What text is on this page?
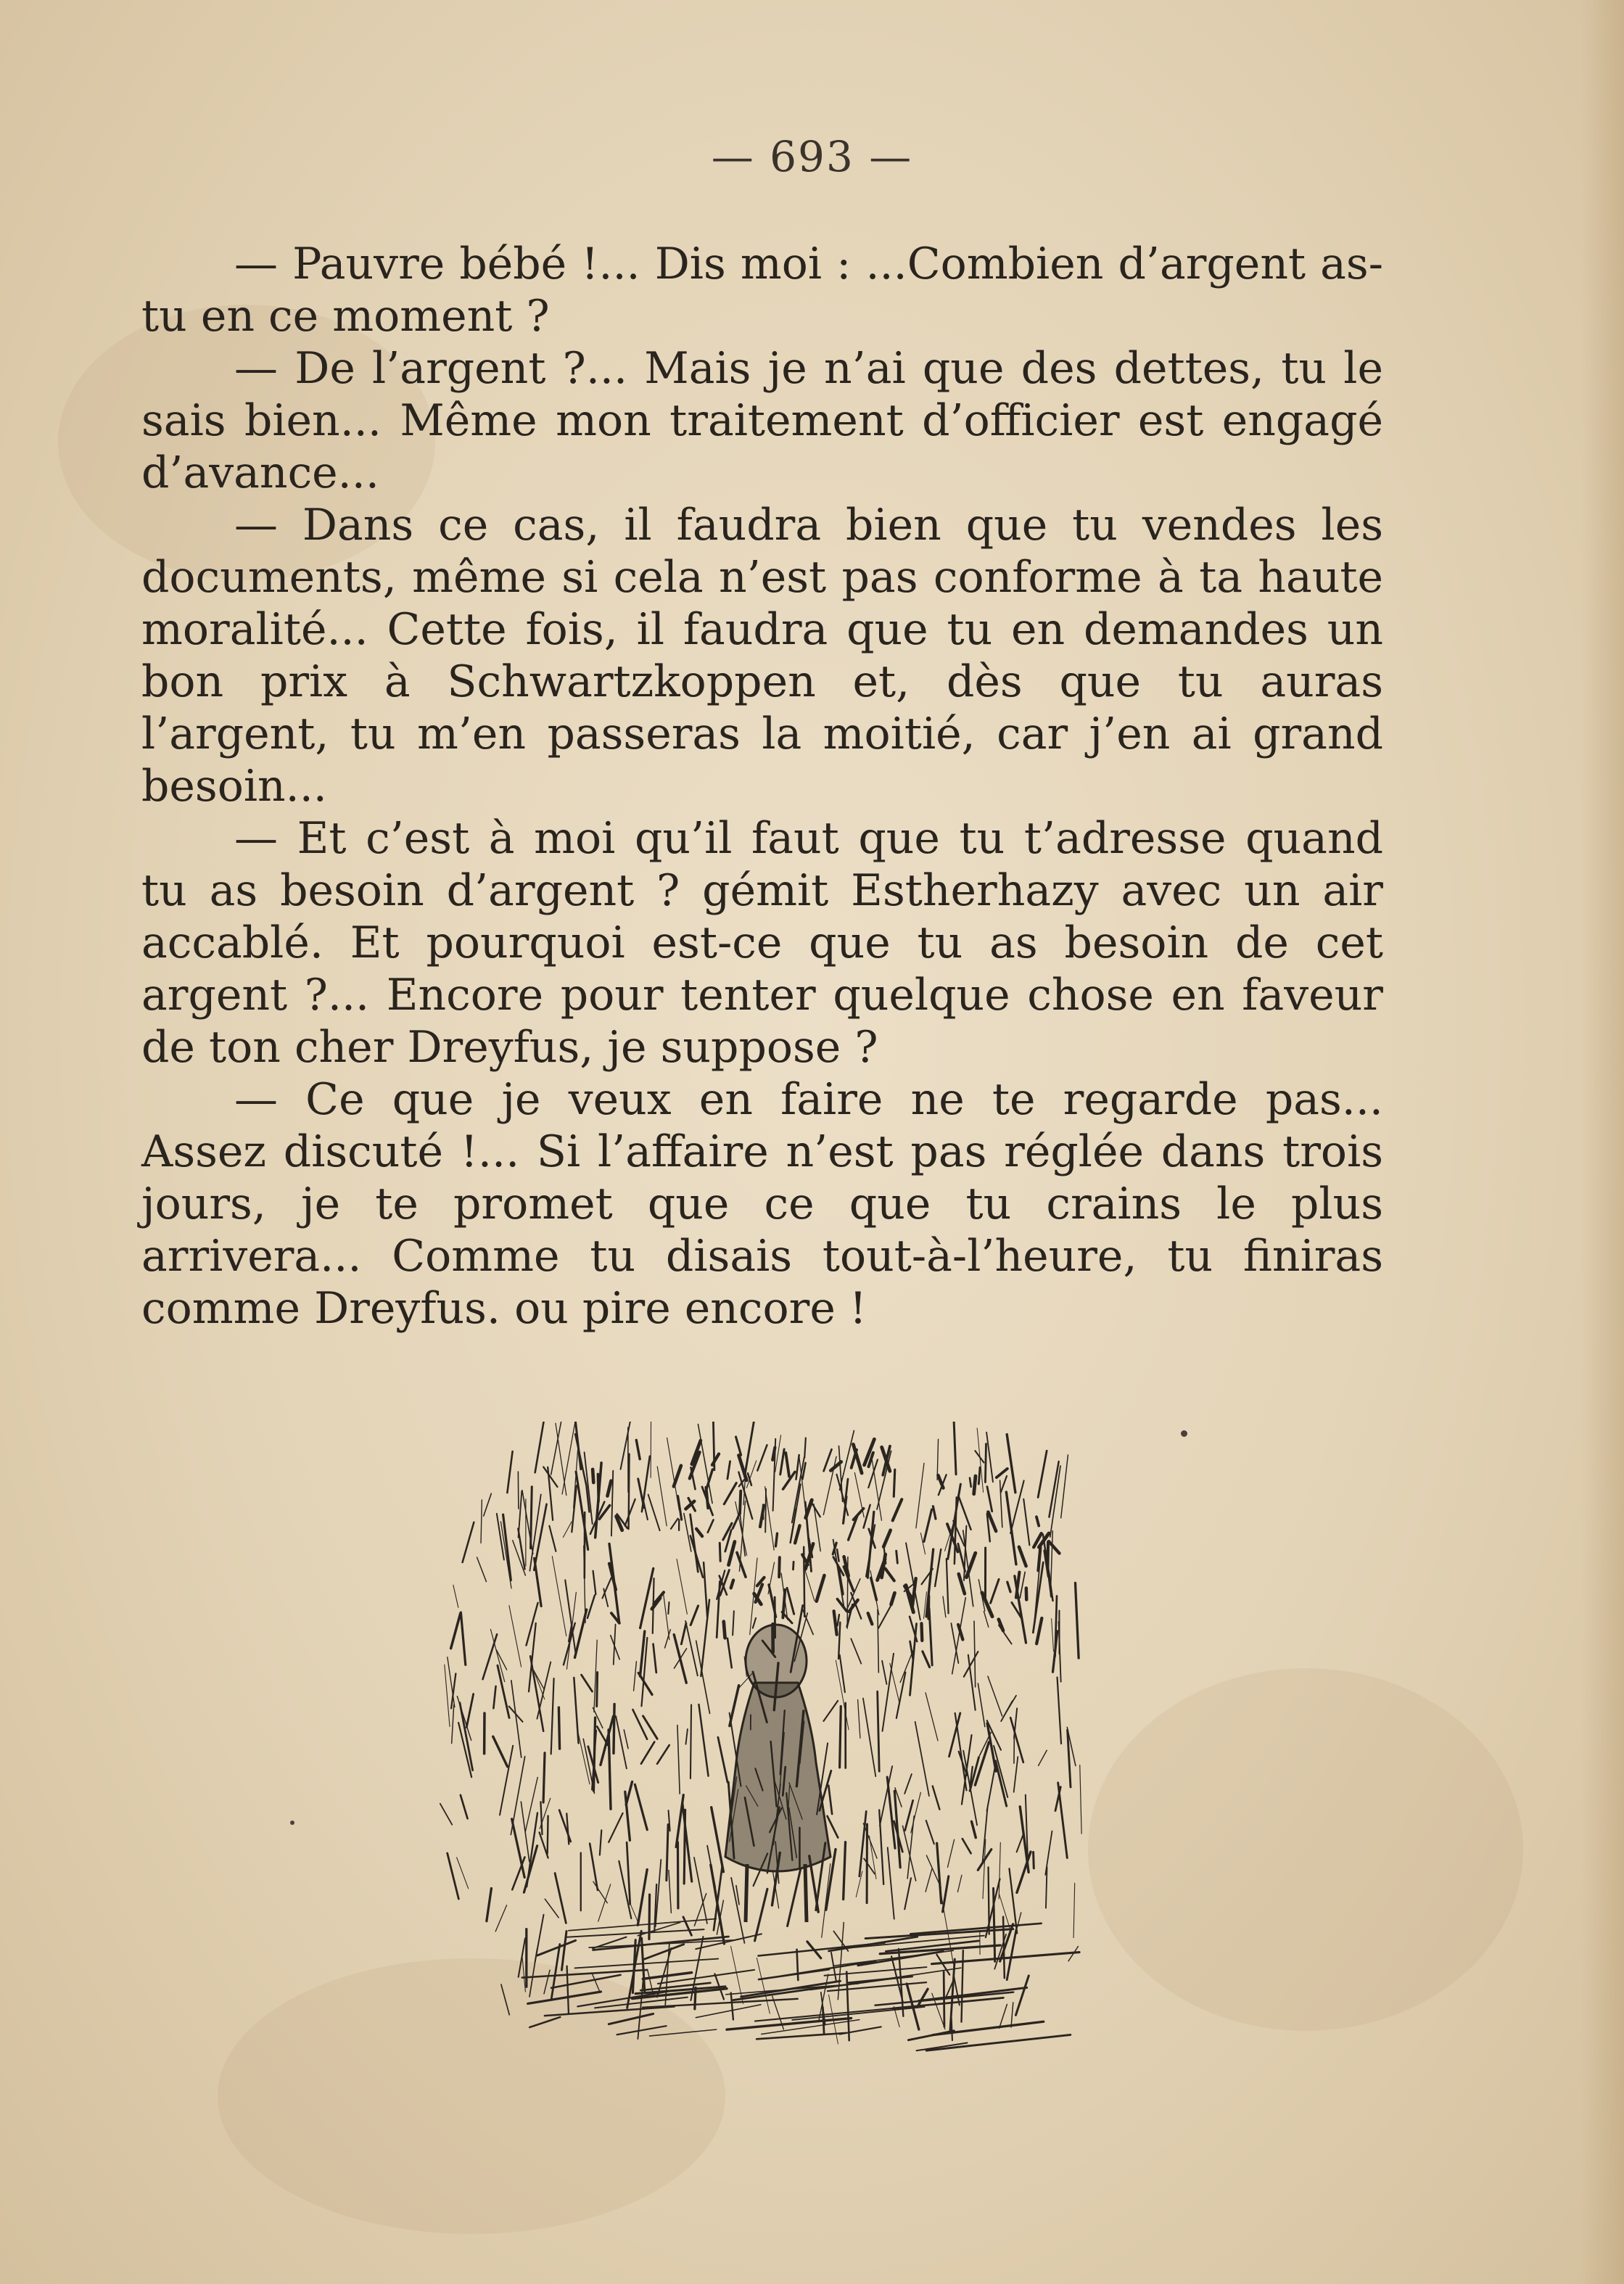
— 693 —

— Pauvre bébé !... Dis moi : ...Combien d’argent as-tu en ce moment ?

— De l’argent ?... Mais je n’ai que des dettes, tu le sais bien... Même mon traitement d’officier est engagé d’avance...

— Dans ce cas, il faudra bien que tu vendes les documents, même si cela n’est pas conforme à ta haute moralité... Cette fois, il faudra que tu en demandes un bon prix à Schwartzkoppen et, dès que tu auras l’argent, tu m’en passeras la moitié, car j’en ai grand besoin...

— Et c’est à moi qu’il faut que tu t’adresse quand tu as besoin d’argent ? gémit Estherhazy avec un air accablé. Et pourquoi est-ce que tu as besoin de cet argent ?... Encore pour tenter quelque chose en faveur de ton cher Dreyfus, je suppose ?

— Ce que je veux en faire ne te regarde pas... Assez discuté !... Si l’affaire n’est pas réglée dans trois jours, je te promet que ce que tu crains le plus arrivera... Comme tu disais tout-à-l’heure, tu finiras comme Dreyfus. ou pire encore !
